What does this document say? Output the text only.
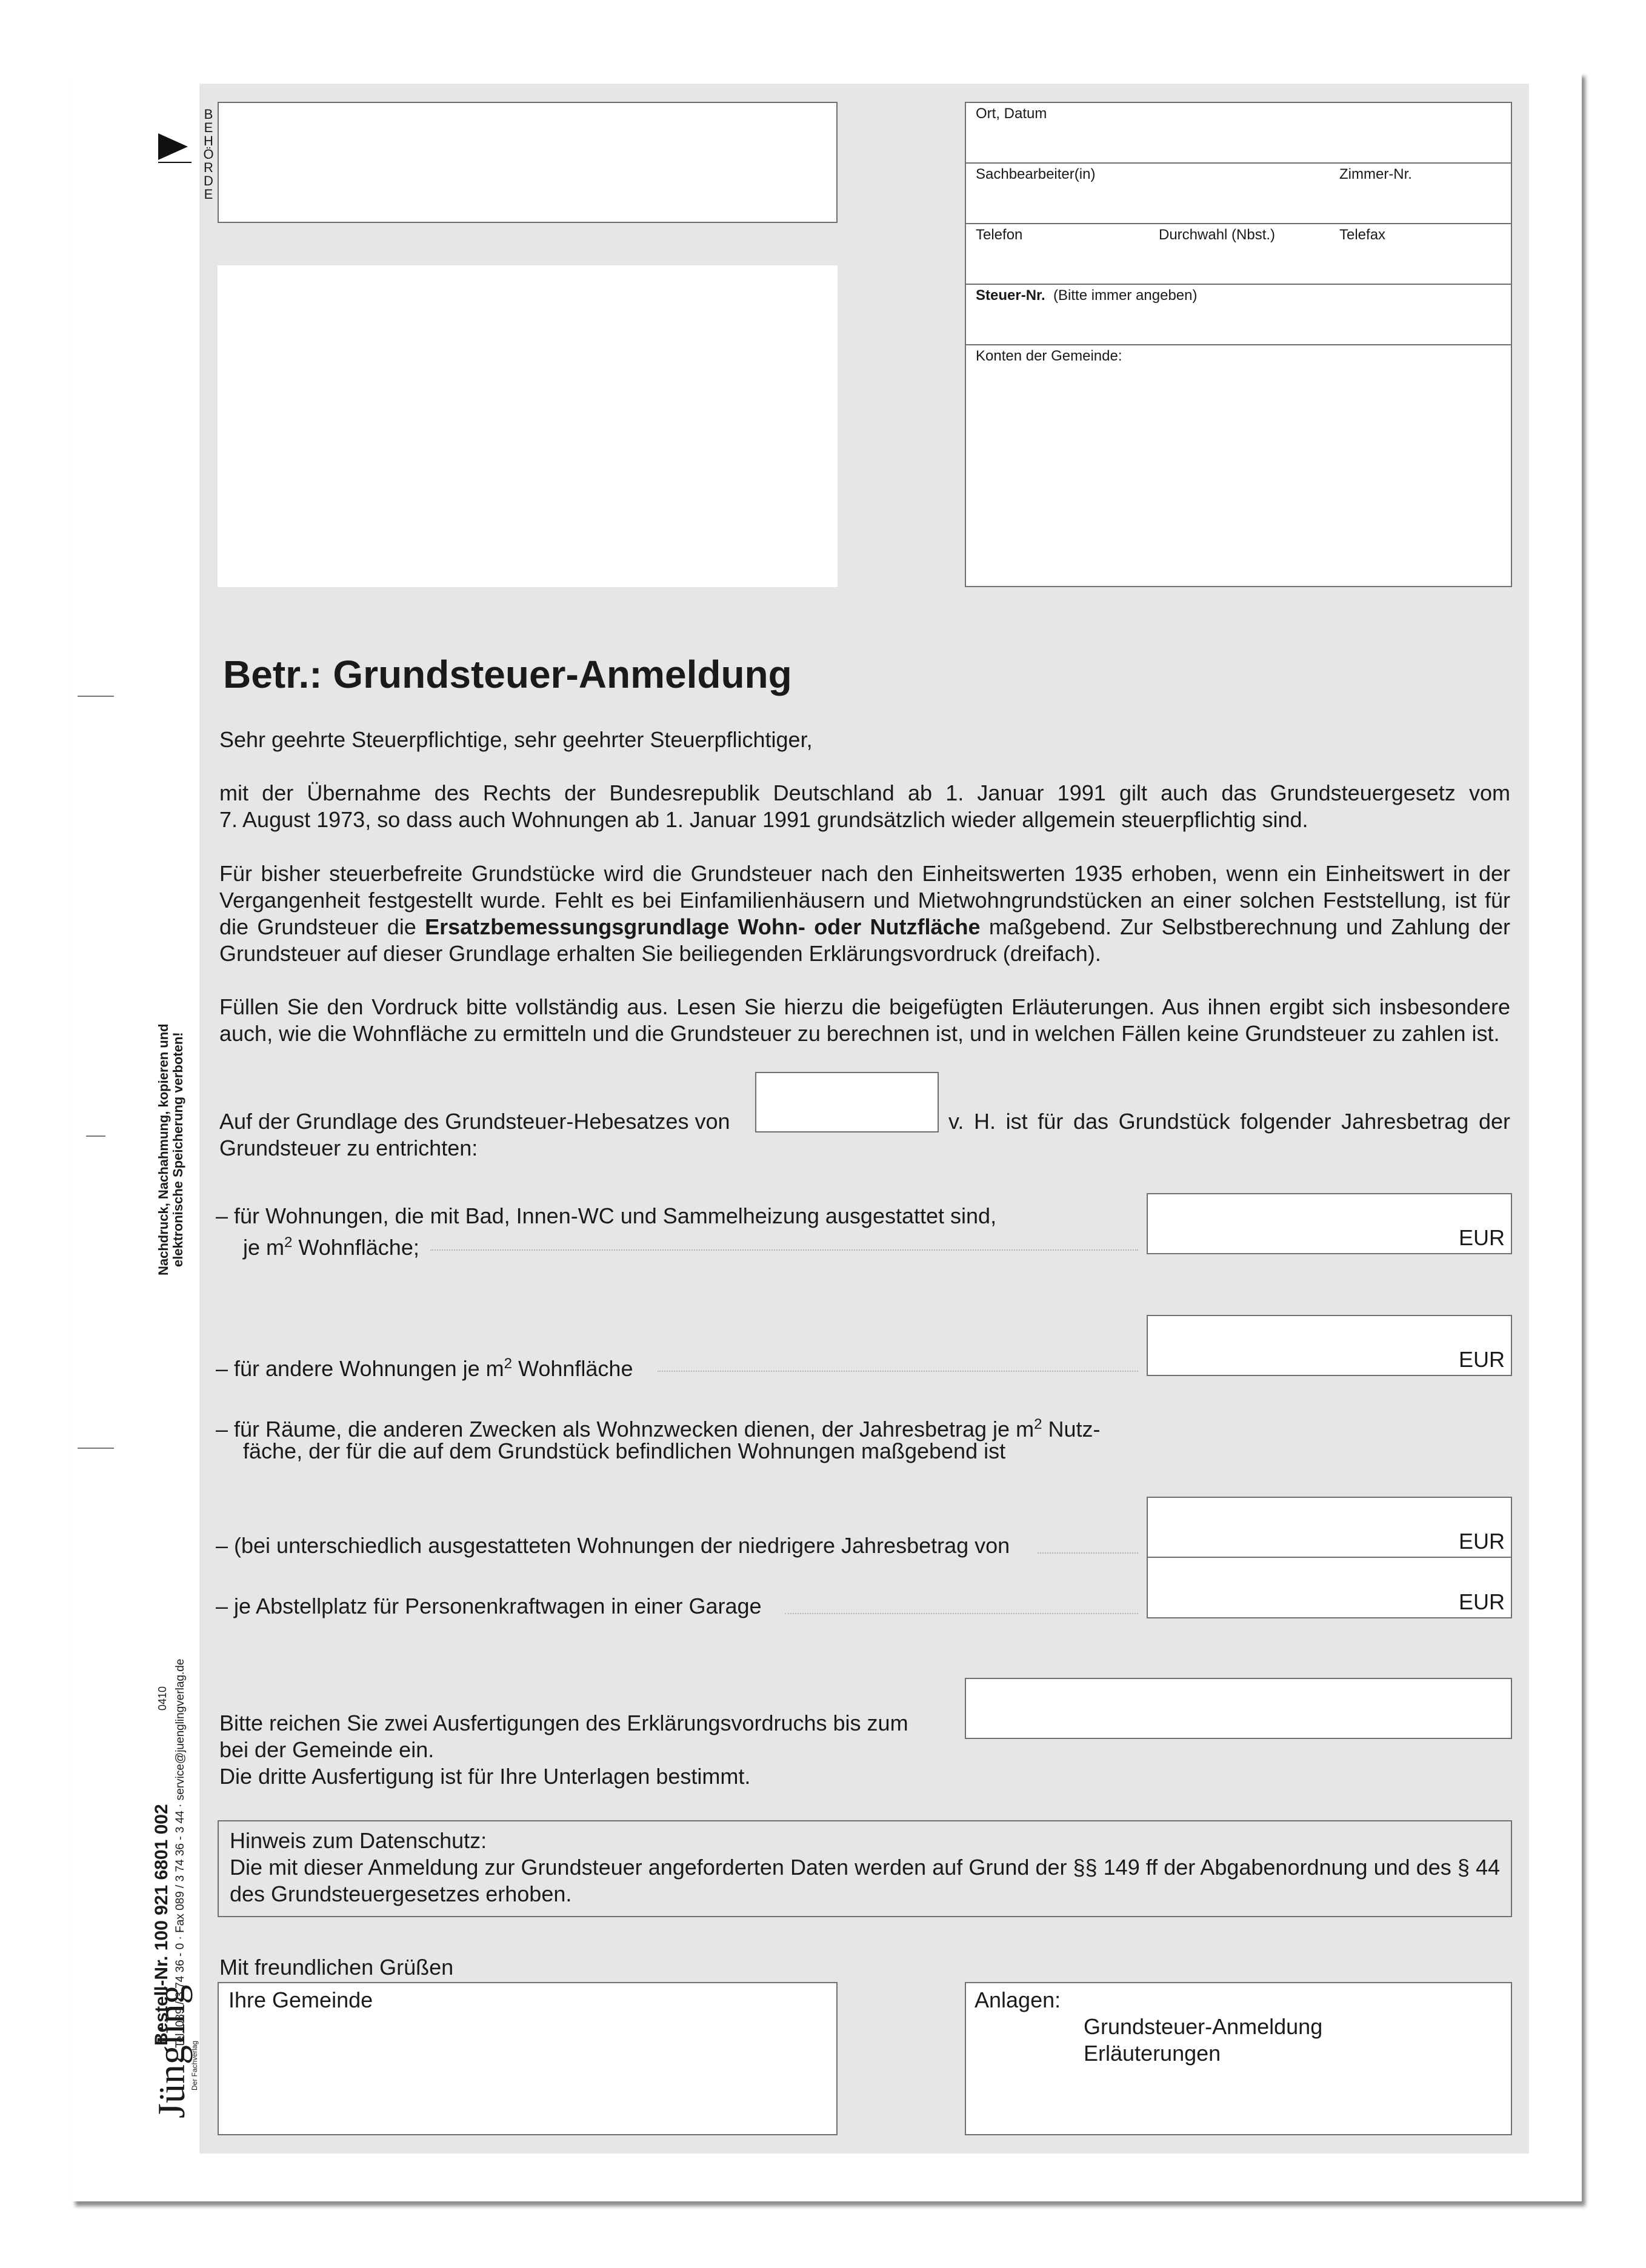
B
E
H
Ö
R
D
E
Ort, Datum
Sachbearbeiter(in)	Zimmer-Nr.
Telefon	Durchwahl (Nbst.)	Telefax
Steuer-Nr. (Bitte immer angeben)
Konten der Gemeinde:
Betr.: Grundsteuer-Anmeldung
Sehr geehrte Steuerpflichtige, sehr geehrter Steuerpflichtiger,
mit der Übernahme des Rechts der Bundesrepublik Deutschland ab 1. Januar 1991 gilt auch das Grundsteuergesetz vom
7. August 1973, so dass auch Wohnungen ab 1. Januar 1991 grundsätzlich wieder allgemein steuerpflichtig sind.
Für bisher steuerbefreite Grundstücke wird die Grundsteuer nach den Einheitswerten 1935 erhoben, wenn ein Einheitswert in der Vergangenheit festgestellt wurde. Fehlt es bei Einfamilienhäusern und Mietwohngrundstücken an einer solchen Feststellung, ist für die Grundsteuer die Ersatzbemessungsgrundlage Wohn- oder Nutzfläche maßgebend. Zur Selbstberechnung und Zahlung der Grundsteuer auf dieser Grundlage erhalten Sie beiliegenden Erklärungsvordruck (dreifach).
Füllen Sie den Vordruck bitte vollständig aus. Lesen Sie hierzu die beigefügten Erläuterungen. Aus ihnen ergibt sich insbesondere auch, wie die Wohnfläche zu ermitteln und die Grundsteuer zu berechnen ist, und in welchen Fällen keine Grundsteuer zu zahlen ist.
Auf der Grundlage des Grundsteuer-Hebesatzes von	v. H. ist für das Grundstück folgender Jahresbetrag der
Grundsteuer zu entrichten:
– für Wohnungen, die mit Bad, Innen-WC und Sammelheizung ausgestattet sind,
je $m^2$ Wohnfläche;	EUR
– für andere Wohnungen je $m^2$ Wohnfläche	EUR
– für Räume, die anderen Zwecken als Wohnzwecken dienen, der Jahresbetrag je $m^2$ Nutz-
fäche, der für die auf dem Grundstück befindlichen Wohnungen maßgebend ist
– (bei unterschiedlich ausgestatteten Wohnungen der niedrigere Jahresbetrag von	EUR
– je Abstellplatz für Personenkraftwagen in einer Garage	EUR
Bitte reichen Sie zwei Ausfertigungen des Erklärungsvordruchs bis zum
bei der Gemeinde ein.
Die dritte Ausfertigung ist für Ihre Unterlagen bestimmt.
Hinweis zum Datenschutz:
Die mit dieser Anmeldung zur Grundsteuer angeforderten Daten werden auf Grund der §§ 149 ff der Abgabenordnung und des § 44 des Grundsteuergesetzes erhoben.
Mit freundlichen Grüßen
Ihre Gemeinde	Anlagen:
Grundsteuer-Anmeldung
Erläuterungen
Nachdruck, Nachahmung, kopieren und elektronische Speicherung verboten!
Jüngling
Der Fachverlag
Bestell-Nr. 100 921 6801 002 Tel. 089 / 3 74 36 - 0 · Fax 089 / 3 74 36 - 3 44 · service@juenglingverlag.de
0410
